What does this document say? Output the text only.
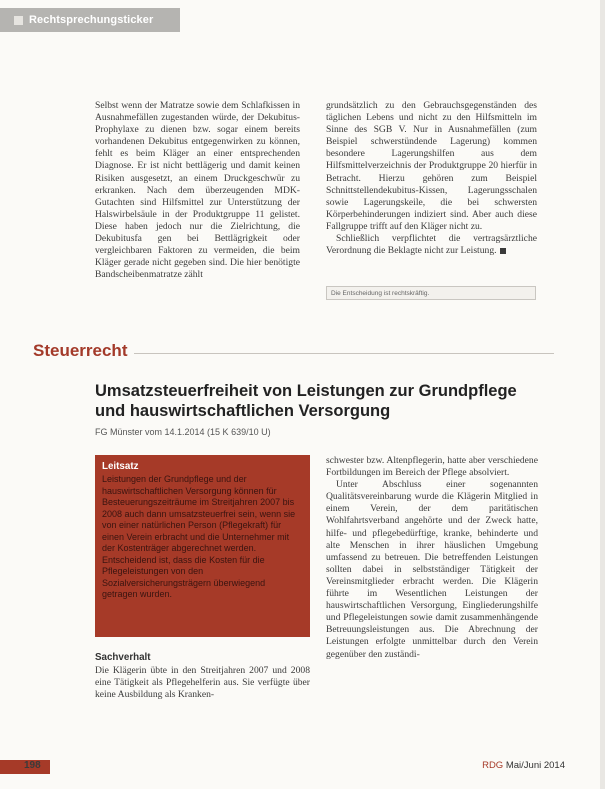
Rechtsprechungsticker

Selbst wenn der Matratze sowie dem Schlafkissen in Ausnahmefällen zugestanden würde, der Dekubitus-Prophylaxe zu dienen bzw. sogar einem bereits vorhandenen Dekubitus entgegenwirken zu können, fehlt es beim Kläger an einer entsprechenden Diagnose. Er ist nicht bettlägerig und damit keinen Risiken ausgesetzt, an einem Druckgeschwür zu erkranken. Nach dem überzeugenden MDK-Gutachten sind Hilfsmittel zur Unterstützung der Halswirbelsäule in der Produktgruppe 11 gelistet. Diese haben jedoch nur die Zielrichtung, die Dekubitusfa gen bei Bettlägrigkeit oder vergleichbaren Faktoren zu vermeiden, die beim Kläger gerade nicht gegeben sind. Die hier benötigte Bandscheibenmatratze zählt

grundsätzlich zu den Gebrauchsgegenständen des täglichen Lebens und nicht zu den Hilfsmitteln im Sinne des SGB V. Nur in Ausnahmefällen (zum Beispiel schwerstündende Lagerung) kommen besondere Lagerungshilfen aus dem Hilfsmittelverzeichnis der Produktgruppe 20 hierfür in Betracht. Hierzu gehören zum Beispiel Schnittstellendekubitus-Kissen, Lagerungsschalen sowie Lagerungskeile, die bei schwersten Körperbehinderungen indiziert sind. Aber auch diese Fallgruppe trifft auf den Kläger nicht zu.

Schließlich verpflichtet die vertragsärztliche Verordnung die Beklagte nicht zur Leistung.

Die Entscheidung ist rechtskräftig.
Steuerrecht
Umsatzsteuerfreiheit von Leistungen zur Grundpflege und hauswirtschaftlichen Versorgung
FG Münster vom 14.1.2014 (15 K 639/10 U)
Leitsatz
Leistungen der Grundpflege und der hauswirtschaftlichen Versorgung können für Besteuerungszeiträume im Streitjahren 2007 bis 2008 auch dann umsatzsteuerfrei sein, wenn sie von einer natürlichen Person (Pflegekraft) für einen Verein erbracht und die Unternehmer mit der Kostenträger abgerechnet werden. Entscheidend ist, dass die Kosten für die Pflegeleistungen von den Sozialversicherungsträgern überwiegend getragen wurden.
Sachverhalt

Die Klägerin übte in den Streitjahren 2007 und 2008 eine Tätigkeit als Pflegehelferin aus. Sie verfügte über keine Ausbildung als Kranken-

schwester bzw. Altenpflegerin, hatte aber verschiedene Fortbildungen im Bereich der Pflege absolviert.

Unter Abschluss einer sogenannten Qualitätsvereinbarung wurde die Klägerin Mitglied in einem Verein, der dem paritätischen Wohlfahrtsverband angehörte und der Zweck hatte, hilfe- und pflegebedürftige, kranke, behinderte und alte Menschen in ihrer häuslichen Umgebung umfassend zu betreuen. Die betreffenden Leistungen sollten dabei in selbstständiger Tätigkeit der Vereinsmitglieder erbracht werden. Die Klägerin führte im Wesentlichen Leistungen der hauswirtschaftlichen Versorgung, Eingliederungshilfe und Pflegeleistungen sowie damit zusammenhängende Betreuungsleistungen aus. Die Abrechnung der Leistungen erfolgte unmittelbar durch den Verein gegenüber den zuständi-

198	RDG Mai/Juni 2014
